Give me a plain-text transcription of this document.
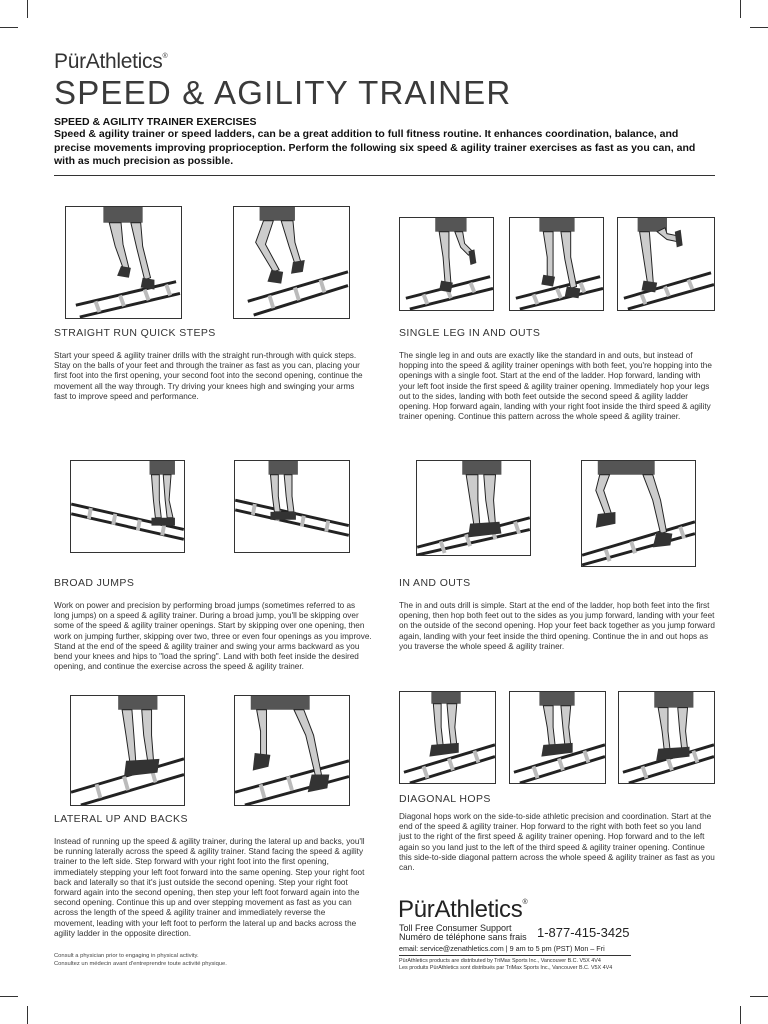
PürAthletics®
SPEED & AGILITY TRAINER
SPEED & AGILITY TRAINER EXERCISES
Speed & agility trainer or speed ladders, can be a great addition to full fitness routine. It enhances coordination, balance, and precise movements improving proprioception. Perform the following six speed & agility trainer exercises as fast as you can, and with as much precision as possible.
STRAIGHT RUN QUICK STEPS
Start your speed & agility trainer drills with the straight run-through with quick steps. Stay on the balls of your feet and through the trainer as fast as you can, placing your first foot into the first opening, your second foot into the second opening, continue the movement all the way through. Try driving your knees high and swinging your arms fast to improve speed and performance.
SINGLE LEG IN AND OUTS
The single leg in and outs are exactly like the standard in and outs, but instead of hopping into the speed & agility trainer openings with both feet, you're hopping into the openings with a single foot. Start at the end of the ladder. Hop forward, landing with your left foot inside the first speed & agility trainer opening. Immediately hop your legs out to the sides, landing with both feet outside the second speed & agility ladder opening. Hop forward again, landing with your right foot inside the third speed & agility trainer opening. Continue this pattern across the whole speed & agility trainer.
BROAD JUMPS
Work on power and precision by performing broad jumps (sometimes referred to as long jumps) on a speed & agility trainer. During a broad jump, you'll be skipping over some of the speed & agility trainer openings. Start by skipping over one opening, then work on jumping further, skipping over two, three or even four openings as you improve. Stand at the end of the speed & agility trainer and swing your arms backward as you bend your knees and hips to "load the spring". Land with both feet inside the desired opening, and continue the exercise across the speed & agility trainer.
IN AND OUTS
The in and outs drill is simple. Start at the end of the ladder, hop both feet into the first opening, then hop both feet out to the sides as you jump forward, landing with your feet on the outside of the second opening. Hop your feet back together as you jump forward again, landing with your feet inside the third opening. Continue the in and out hops as you traverse the whole speed & agility trainer.
LATERAL UP AND BACKS
Instead of running up the speed & agility trainer, during the lateral up and backs, you'll be running laterally across the speed & agility trainer. Stand facing the speed & agility trainer to the left side. Step forward with your right foot into the first opening, immediately stepping your left foot forward into the same opening. Step your right foot back and laterally so that it's just outside the second opening. Step your right foot forward again into the second opening, then step your left foot forward again into the second opening. Continue this up and over stepping movement as fast as you can across the length of the speed & agility trainer and immediately reverse the movement, leading with your left foot to perform the lateral up and backs across the agility ladder in the opposite direction.
DIAGONAL HOPS
Diagonal hops work on the side-to-side athletic precision and coordination. Start at the end of the speed & agility trainer. Hop forward to the right with both feet so you land just to the right of the first speed & agility trainer opening. Hop forward and to the left again so you land just to the left of the third speed & agility trainer opening. Continue this side-to-side diagonal pattern across the whole speed & agility trainer as fast as you can.
Consult a physician prior to engaging in physical activity.
Consultez un médecin avant d'entreprendre toute activité physique.
PürAthletics®
Toll Free Consumer Support
Numéro de téléphone sans frais 1-877-415-3425
email: service@zenathletics.com | 9 am to 5 pm (PST) Mon – Fri
PürAthletics products are distributed by TriMax Sports Inc., Vancouver B.C. V5X 4V4
Les produits PürAthletics sont distribués par TriMax Sports Inc., Vancouver B.C. V5X 4V4
